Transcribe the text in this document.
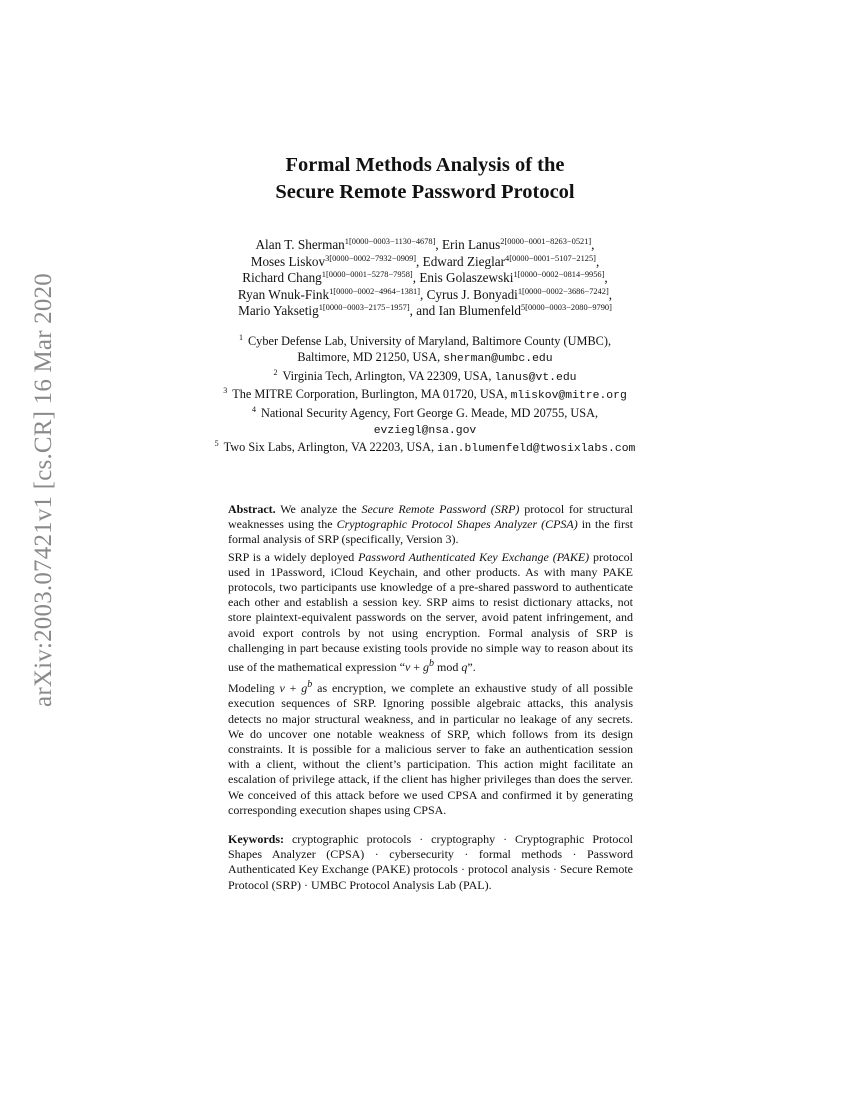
arXiv:2003.07421v1 [cs.CR] 16 Mar 2020
Formal Methods Analysis of the
Secure Remote Password Protocol
Alan T. Sherman$^{1[0000-0003-1130-4678]}$, Erin Lanus$^{2[0000-0001-8263-0521]}$,
Moses Liskov$^{3[0000-0002-7932-0909]}$, Edward Zieglar$^{4[0000-0001-5107-2125]}$,
Richard Chang$^{1[0000-0001-5278-7958]}$, Enis Golaszewski$^{1[0000-0002-0814-9956]}$,
Ryan Wnuk-Fink$^{1[0000-0002-4964-1381]}$, Cyrus J. Bonyadi$^{1[0000-0002-3686-7242]}$,
Mario Yaksetig$^{1[0000-0003-2175-1957]}$, and Ian Blumenfeld$^{5[0000-0003-2080-9790]}$
$^1$ Cyber Defense Lab, University of Maryland, Baltimore County (UMBC),
Baltimore, MD 21250, USA, sherman@umbc.edu
$^2$ Virginia Tech, Arlington, VA 22309, USA, lanus@vt.edu
$^3$ The MITRE Corporation, Burlington, MA 01720, USA, mliskov@mitre.org
$^4$ National Security Agency, Fort George G. Meade, MD 20755, USA,
evziegl@nsa.gov
$^5$ Two Six Labs, Arlington, VA 22203, USA, ian.blumenfeld@twosixlabs.com

Abstract. We analyze the Secure Remote Password (SRP) protocol for structural weaknesses using the Cryptographic Protocol Shapes Analyzer (CPSA) in the first formal analysis of SRP (specifically, Version 3).

SRP is a widely deployed Password Authenticated Key Exchange (PAKE) protocol used in 1Password, iCloud Keychain, and other products. As with many PAKE protocols, two participants use knowledge of a pre-shared password to authenticate each other and establish a session key. SRP aims to resist dictionary attacks, not store plaintext-equivalent passwords on the server, avoid patent infringement, and avoid export controls by not using encryption. Formal analysis of SRP is challenging in part because existing tools provide no simple way to reason about its use of the mathematical expression “$v + g^b$ mod q”.

Modeling $v + g^b$ as encryption, we complete an exhaustive study of all possible execution sequences of SRP. Ignoring possible algebraic attacks, this analysis detects no major structural weakness, and in particular no leakage of any secrets. We do uncover one notable weakness of SRP, which follows from its design constraints. It is possible for a malicious server to fake an authentication session with a client, without the client’s participation. This action might facilitate an escalation of privilege attack, if the client has higher privileges than does the server. We conceived of this attack before we used CPSA and confirmed it by generating corresponding execution shapes using CPSA.

Keywords: cryptographic protocols · cryptography · Cryptographic Protocol Shapes Analyzer (CPSA) · cybersecurity · formal methods · Password Authenticated Key Exchange (PAKE) protocols · protocol analysis · Secure Remote Protocol (SRP) · UMBC Protocol Analysis Lab (PAL).
